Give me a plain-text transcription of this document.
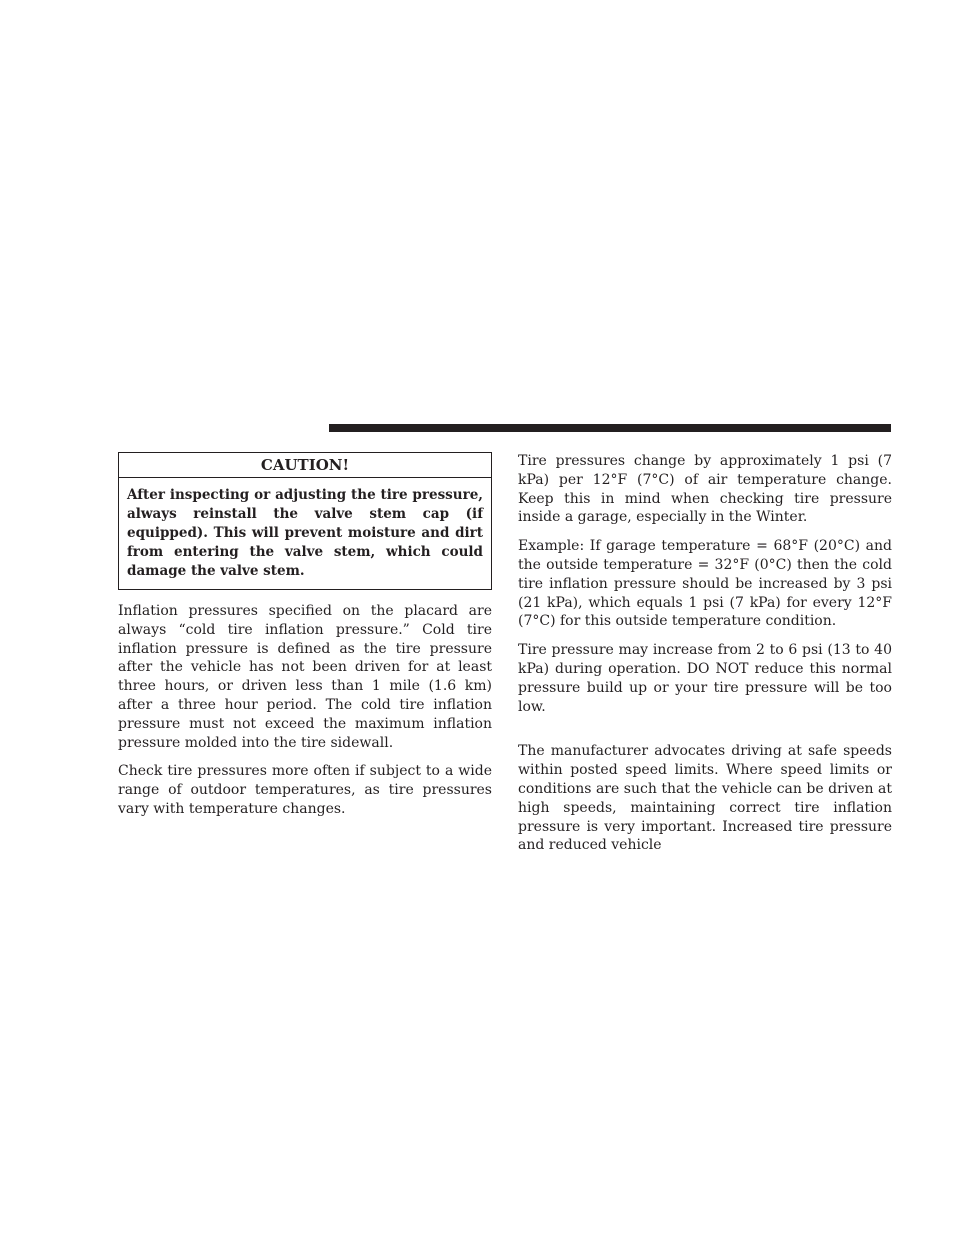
CAUTION!
After inspecting or adjusting the tire pressure, always reinstall the valve stem cap (if equipped). This will prevent moisture and dirt from entering the valve stem, which could damage the valve stem.

Inflation pressures specified on the placard are always “cold tire inflation pressure.” Cold tire inflation pressure is defined as the tire pressure after the vehicle has not been driven for at least three hours, or driven less than 1 mile (1.6 km) after a three hour period. The cold tire inflation pressure must not exceed the maximum inflation pressure molded into the tire sidewall.

Check tire pressures more often if subject to a wide range of outdoor temperatures, as tire pressures vary with temperature changes.

Tire pressures change by approximately 1 psi (7 kPa) per 12°F (7°C) of air temperature change. Keep this in mind when checking tire pressure inside a garage, especially in the Winter.

Example: If garage temperature = 68°F (20°C) and the outside temperature = 32°F (0°C) then the cold tire inflation pressure should be increased by 3 psi (21 kPa), which equals 1 psi (7 kPa) for every 12°F (7°C) for this outside temperature condition.

Tire pressure may increase from 2 to 6 psi (13 to 40 kPa) during operation. DO NOT reduce this normal pressure build up or your tire pressure will be too low.

The manufacturer advocates driving at safe speeds within posted speed limits. Where speed limits or conditions are such that the vehicle can be driven at high speeds, maintaining correct tire inflation pressure is very important. Increased tire pressure and reduced vehicle
